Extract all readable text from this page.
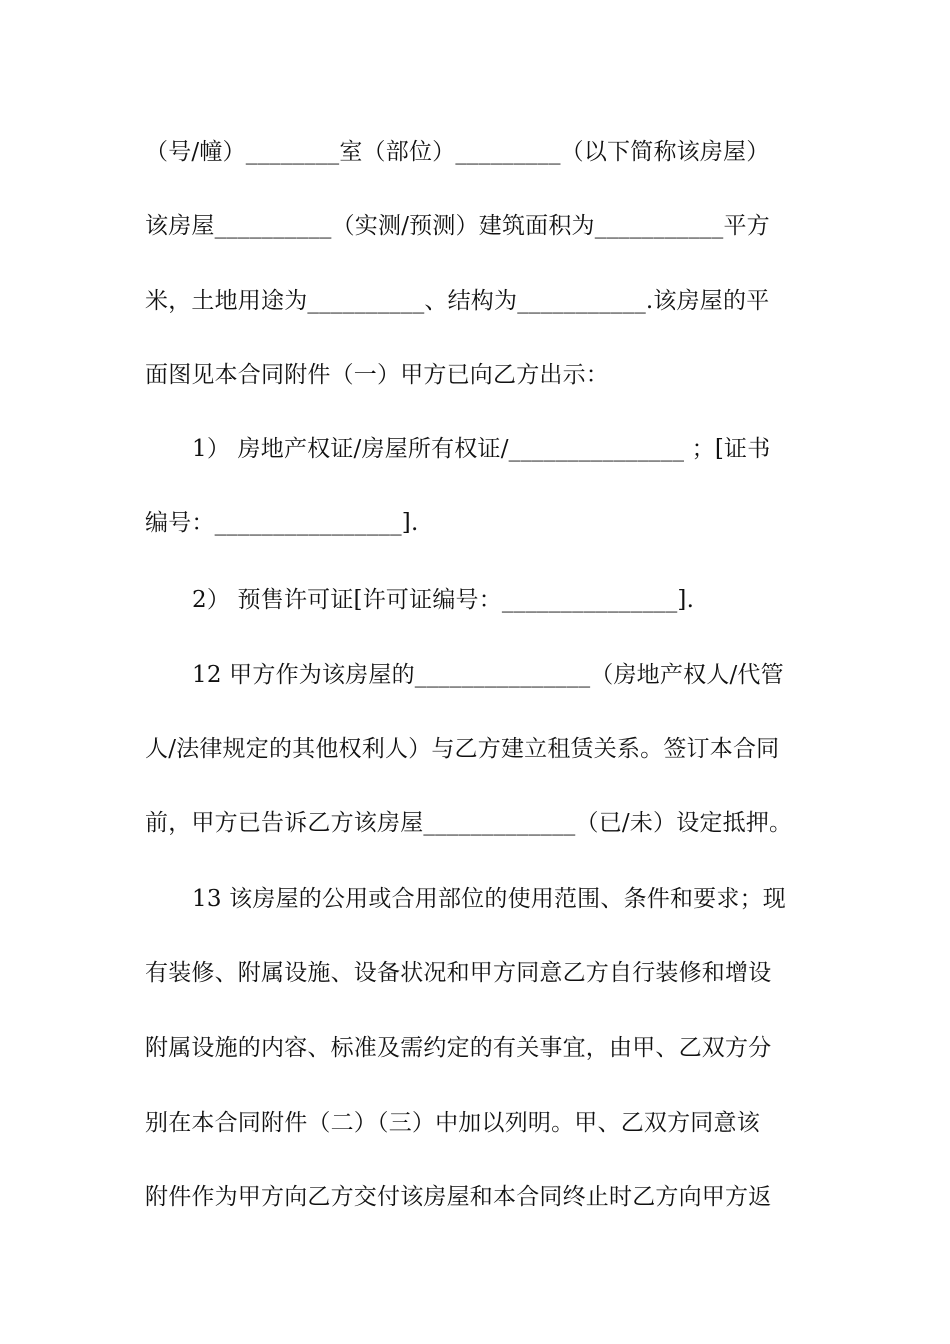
（号/幢）________室（部位）_________（以下简称该房屋）
该房屋__________（实测/预测）建筑面积为___________平方
米，土地用途为__________、结构为___________.该房屋的平
面图见本合同附件（一）甲方已向乙方出示：
1） 房地产权证/房屋所有权证/_______________ ；[证书
编号：________________].
2） 预售许可证[许可证编号：_______________].
12 甲方作为该房屋的_______________（房地产权人/代管
人/法律规定的其他权利人）与乙方建立租赁关系。签订本合同
前，甲方已告诉乙方该房屋_____________（已/未）设定抵押。
13 该房屋的公用或合用部位的使用范围、条件和要求；现
有装修、附属设施、设备状况和甲方同意乙方自行装修和增设
附属设施的内容、标准及需约定的有关事宜，由甲、乙双方分
别在本合同附件（二）（三）中加以列明。甲、乙双方同意该
附件作为甲方向乙方交付该房屋和本合同终止时乙方向甲方返
